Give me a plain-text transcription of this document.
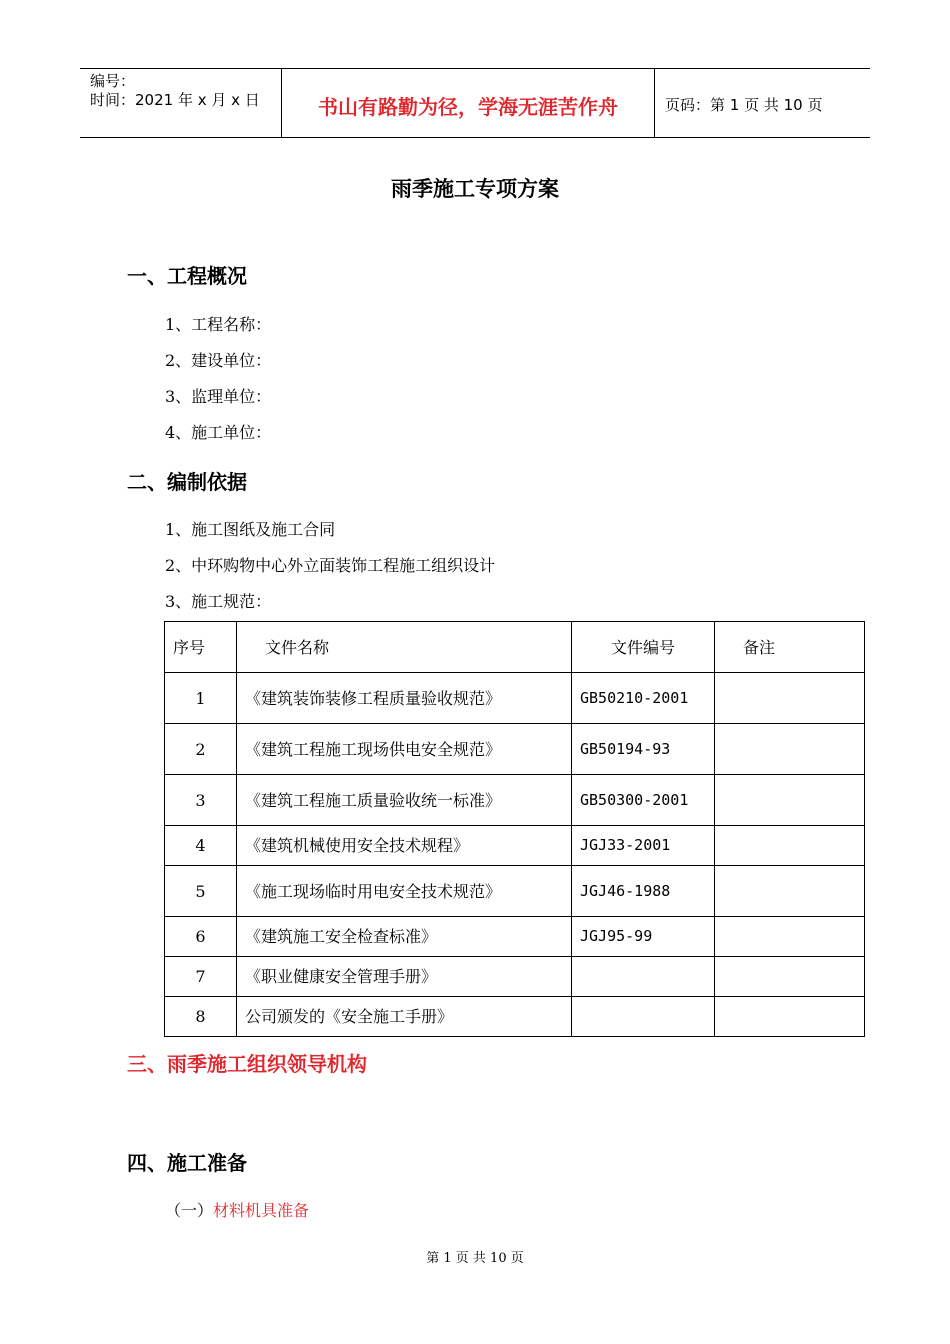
编号：
时间：2021 年 x 月 x 日	书山有路勤为径，学海无涯苦作舟	页码：第 1 页 共 10 页
雨季施工专项方案
一、工程概况
1、工程名称：
2、建设单位：
3、监理单位：
4、施工单位：
二、编制依据
1、施工图纸及施工合同
2、中环购物中心外立面装饰工程施工组织设计
3、施工规范：
序号	文件名称	文件编号	备注
1	《建筑装饰装修工程质量验收规范》	GB50210-2001	
2	《建筑工程施工现场供电安全规范》	GB50194-93	
3	《建筑工程施工质量验收统一标准》	GB50300-2001	
4	《建筑机械使用安全技术规程》	JGJ33-2001	
5	《施工现场临时用电安全技术规范》	JGJ46-1988	
6	《建筑施工安全检查标准》	JGJ95-99	
7	《职业健康安全管理手册》		
8	公司颁发的《安全施工手册》		
三、雨季施工组织领导机构
四、施工准备
（一）材料机具准备
第 1 页 共 10 页
